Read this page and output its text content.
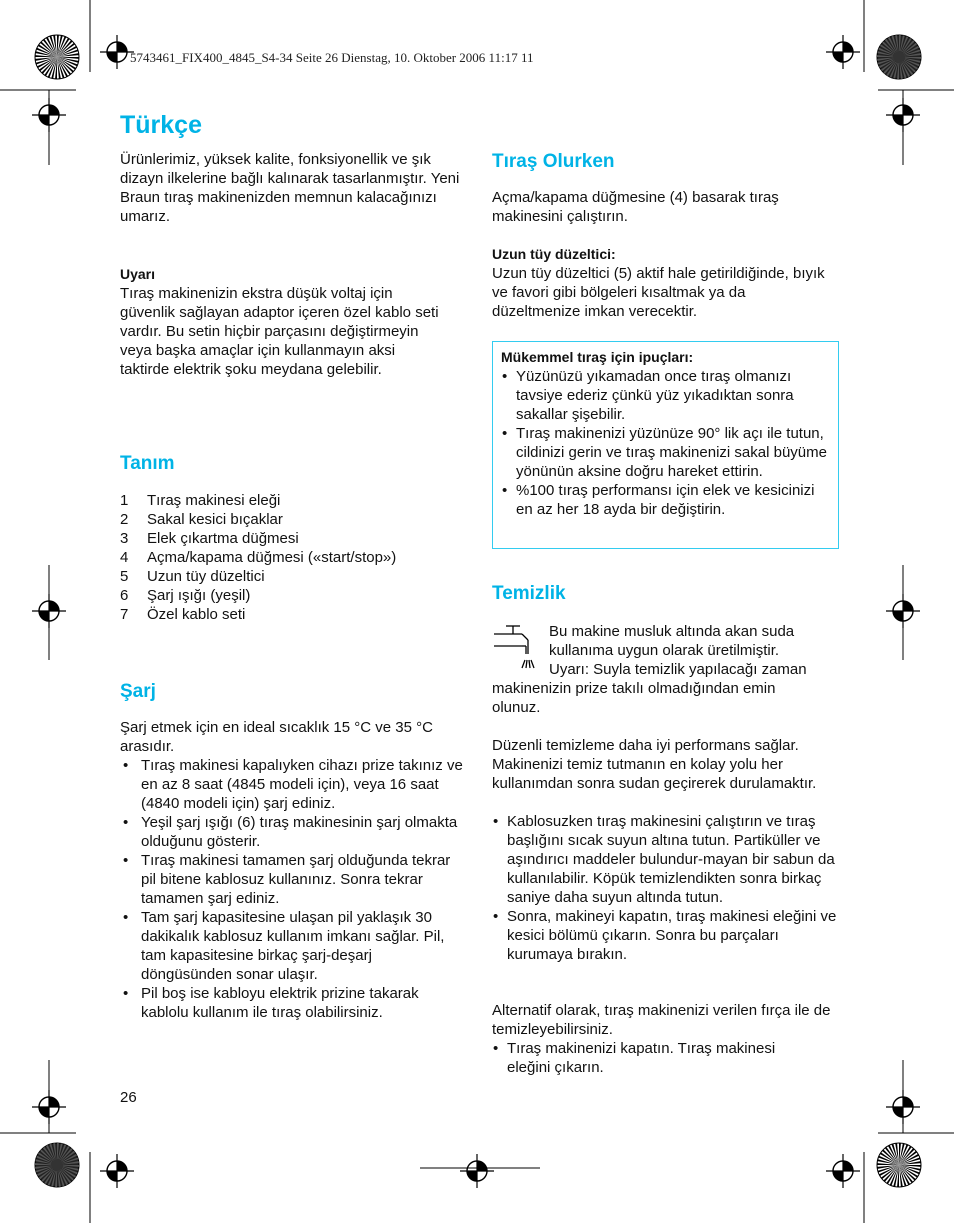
5743461_FIX400_4845_S4-34 Seite 26 Dienstag, 10. Oktober 2006 11:17 11
Türkçe

Ürünlerimiz, yüksek kalite, fonksiyonellik ve şık dizayn ilkelerine bağlı kalınarak tasarlanmıştır. Yeni Braun tıraş makinenizden memnun kalacağınızı umarız.

Uyarı

Tıraş makinenizin ekstra düşük voltaj için güvenlik sağlayan adaptor içeren özel kablo seti vardır. Bu setin hiçbir parçasını değiştirmeyin veya başka amaçlar için kullanmayın aksi taktirde elektrik şoku meydana gelebilir.

Tanım
1 Tıraş makinesi eleği
2 Sakal kesici bıçaklar
3 Elek çıkartma düğmesi
4 Açma/kapama düğmesi («start/stop»)
5 Uzun tüy düzeltici
6 Şarj ışığı (yeşil)
7 Özel kablo seti
Şarj

Şarj etmek için en ideal sıcaklık 15 °C ve 35 °C arasıdır.

• Tıraş makinesi kapalıyken cihazı prize takınız ve en az 8 saat (4845 modeli için), veya 16 saat (4840 modeli için) şarj ediniz.
• Yeşil şarj ışığı (6) tıraş makinesinin şarj olmakta olduğunu gösterir.
• Tıraş makinesi tamamen şarj olduğunda tekrar pil bitene kablosuz kullanınız. Sonra tekrar tamamen şarj ediniz.
• Tam şarj kapasitesine ulaşan pil yaklaşık 30 dakikalık kablosuz kullanım imkanı sağlar. Pil, tam kapasitesine birkaç şarj-deşarj döngüsünden sonar ulaşır.
• Pil boş ise kabloyu elektrik prizine takarak kablolu kullanım ile tıraş olabilirsiniz.
26
Tıraş Olurken

Açma/kapama düğmesine (4) basarak tıraş makinesini çalıştırın.

Uzun tüy düzeltici:

Uzun tüy düzeltici (5) aktif hale getirildiğinde, bıyık ve favori gibi bölgeleri kısaltmak ya da düzeltmenize imkan verecektir.

Mükemmel tıraş için ipuçları:

• Yüzünüzü yıkamadan once tıraş olmanızı tavsiye ederiz çünkü yüz yıkadıktan sonra sakallar şişebilir.
• Tıraş makinenizi yüzünüze 90° lik açı ile tutun, cildinizi gerin ve tıraş makinenizi sakal büyüme yönünün aksine doğru hareket ettirin.
• %100 tıraş performansı için elek ve kesicinizi en az her 18 ayda bir değiştirin.
Temizlik
Bu makine musluk altında akan suda
kullanıma uygun olarak üretilmiştir.
Uyarı: Suyla temizlik yapılacağı zaman

makinenizin prize takılı olmadığından emin olunuz.

Düzenli temizleme daha iyi performans sağlar. Makinenizi temiz tutmanın en kolay yolu her kullanımdan sonra sudan geçirerek durulamaktır.

• Kablosuzken tıraş makinesini çalıştırın ve tıraş başlığını sıcak suyun altına tutun. Partiküller ve aşındırıcı maddeler bulundur-mayan bir sabun da kullanılabilir. Köpük temizlendikten sonra birkaç saniye daha suyun altında tutun.
• Sonra, makineyi kapatın, tıraş makinesi eleğini ve kesici bölümü çıkarın. Sonra bu parçaları kurumaya bırakın.

Alternatif olarak, tıraş makinenizi verilen fırça ile de temizleyebilirsiniz.

• Tıraş makinenizi kapatın. Tıraş makinesi eleğini çıkarın.
